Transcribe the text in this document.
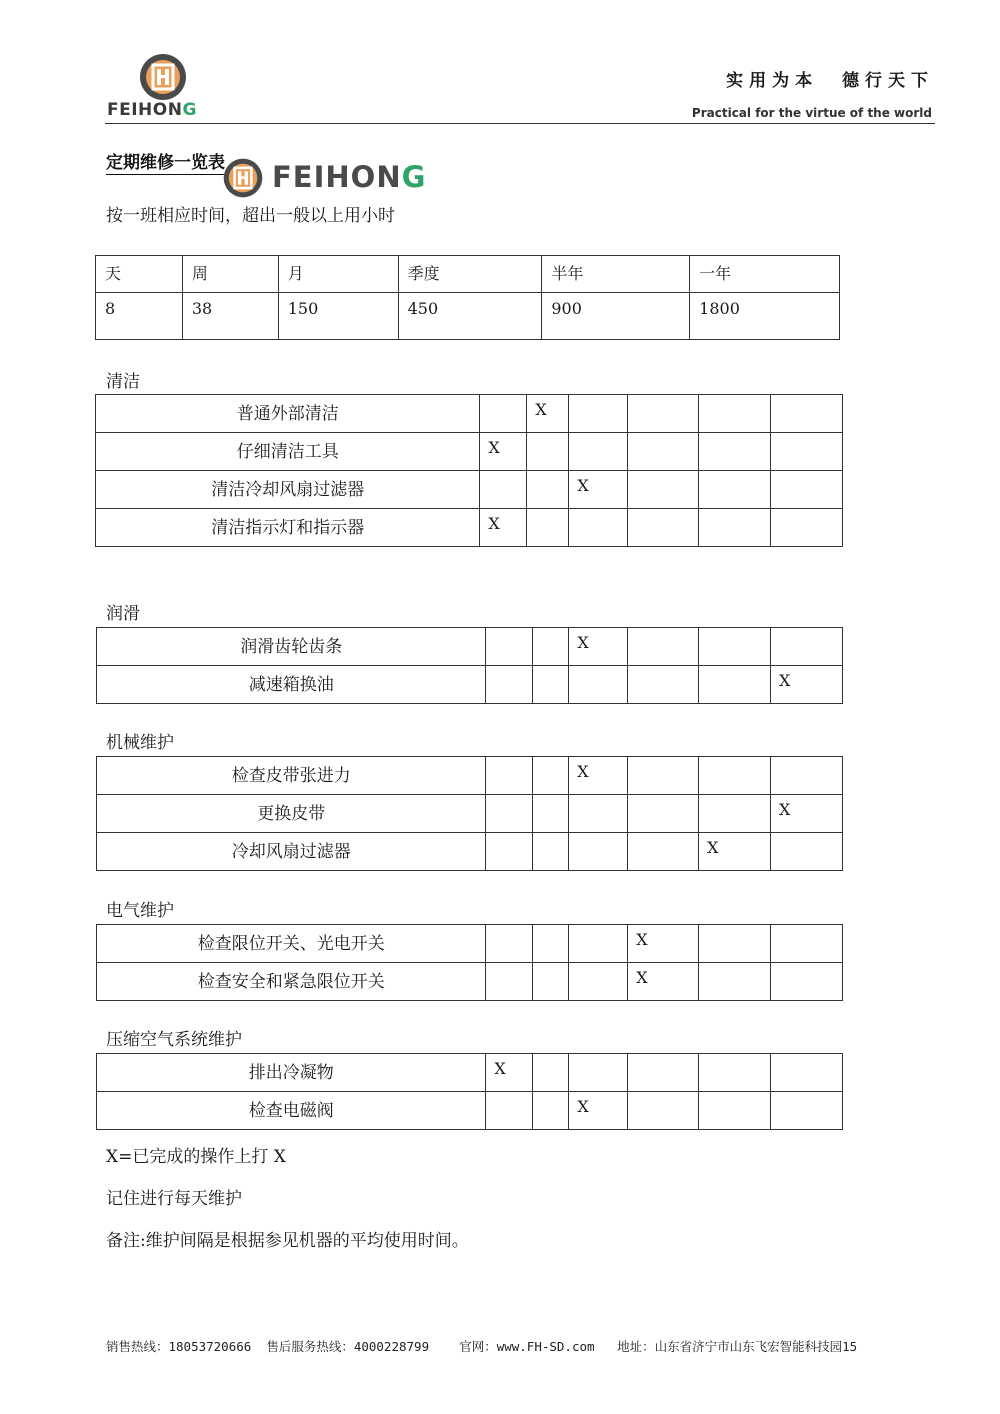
FEIHONG
实用为本  德行天下
Practical for the virtue of the world
定期维修一览表 FEIHONG
按一班相应时间，超出一般以上用小时
天	周	月	季度	半年	一年
8	38	150	450	900	1800
清洁
普通外部清洁		X				
仔细清洁工具	X					
清洁冷却风扇过滤器			X			
清洁指示灯和指示器	X					
润滑
润滑齿轮齿条			X			
减速箱换油						X
机械维护
检查皮带张进力			X			
更换皮带						X
冷却风扇过滤器					X	
电气维护
检查限位开关、光电开关				X		
检查安全和紧急限位开关				X		
压缩空气系统维护
排出冷凝物	X					
检查电磁阀			X			
X=已完成的操作上打 X
记住进行每天维护
备注:维护间隔是根据参见机器的平均使用时间。
销售热线：18053720666  售后服务热线：4000228799    官网：www.FH-SD.com   地址：山东省济宁市山东飞宏智能科技园15
